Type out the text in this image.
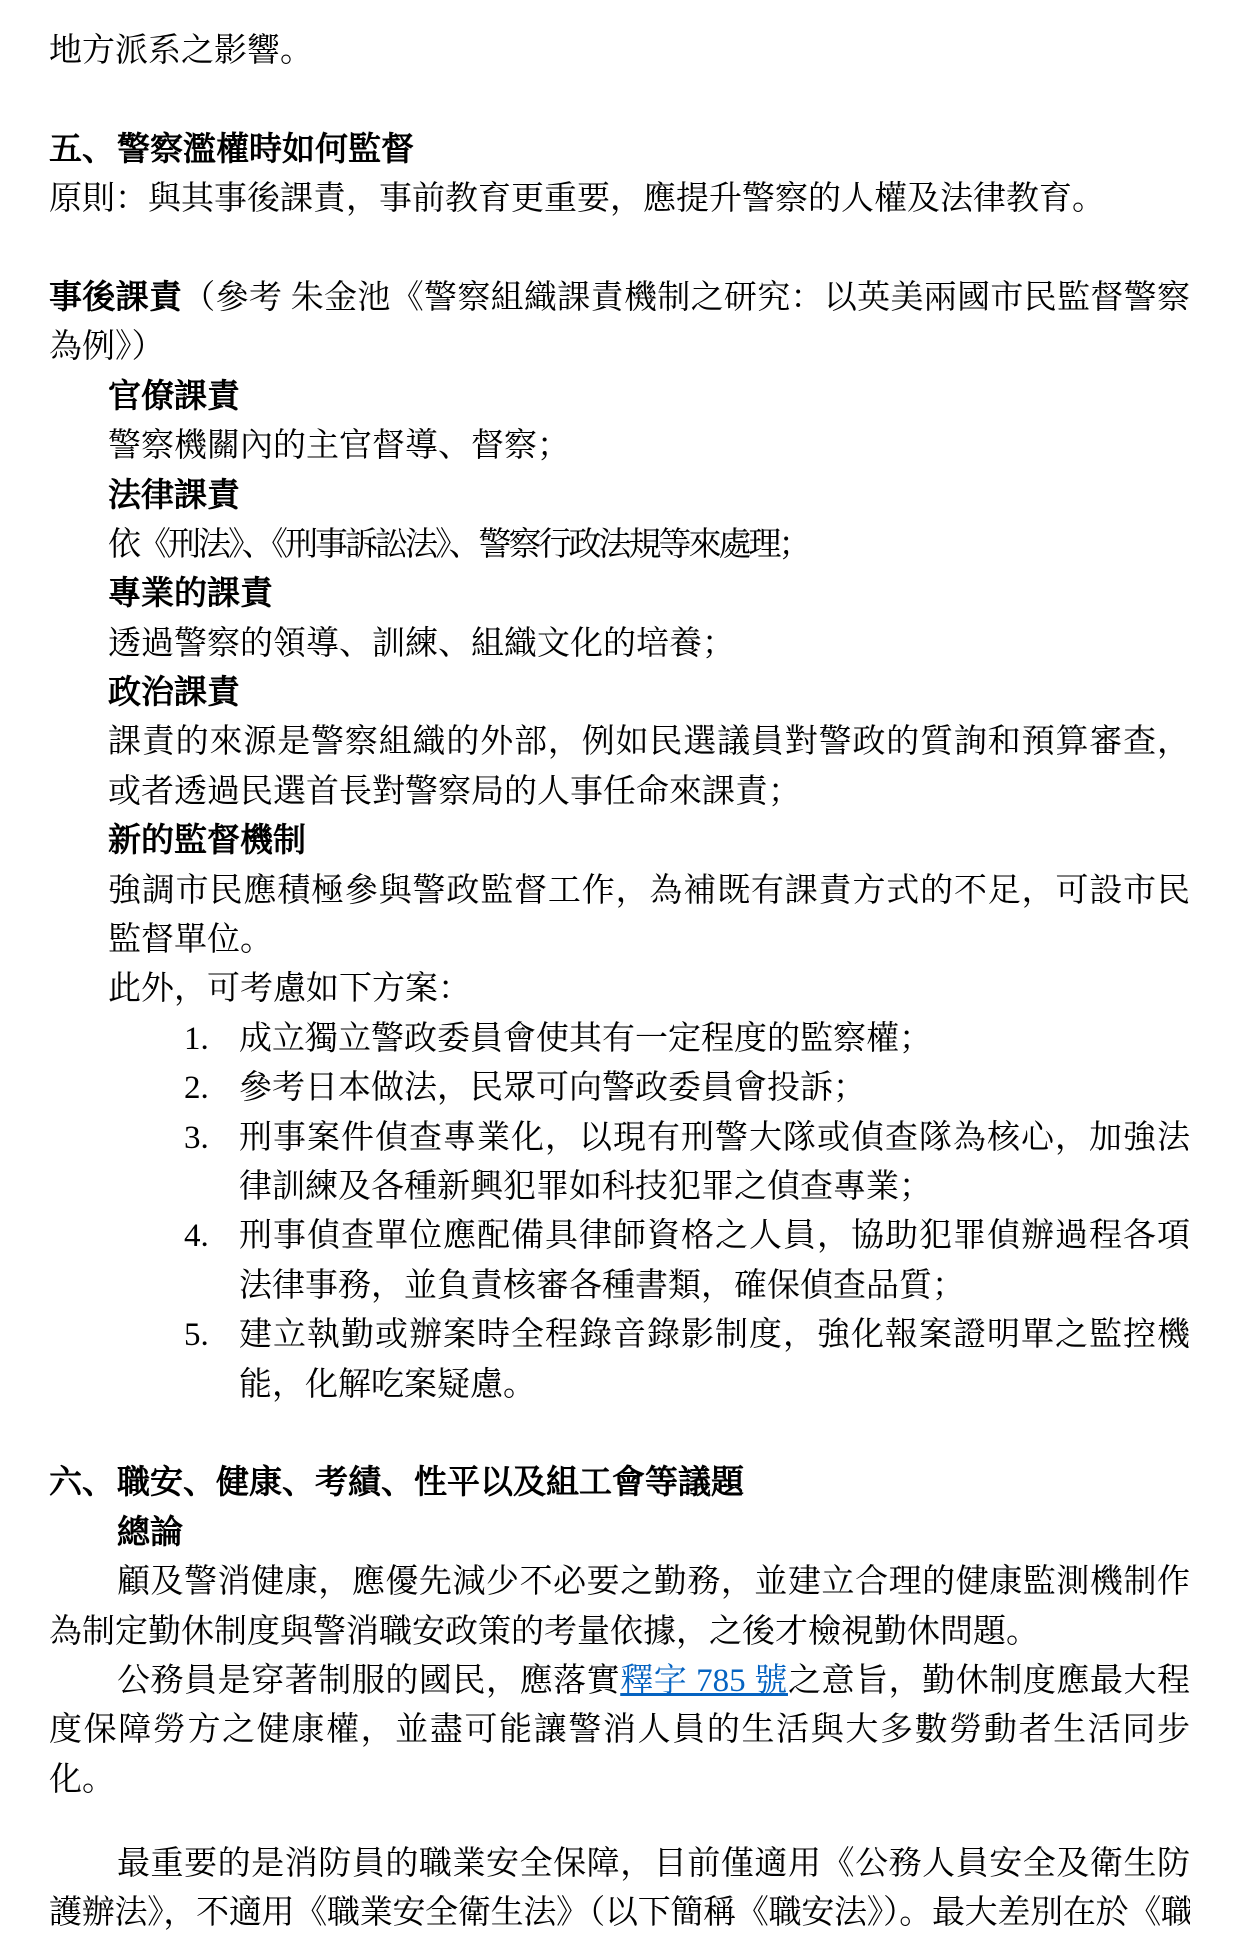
地方派系之影響。
五、警察濫權時如何監督
原則：與其事後課責，事前教育更重要，應提升警察的人權及法律教育。
事後課責（參考 朱金池《警察組織課責機制之研究：以英美兩國市民監督警察
為例》）
官僚課責
警察機關內的主官督導、督察；
法律課責
依《刑法》、《刑事訴訟法》、警察行政法規等來處理；
專業的課責
透過警察的領導、訓練、組織文化的培養；
政治課責
課責的來源是警察組織的外部，例如民選議員對警政的質詢和預算審查，
或者透過民選首長對警察局的人事任命來課責；
新的監督機制
強調市民應積極參與警政監督工作，為補既有課責方式的不足，可設市民
監督單位。
此外，可考慮如下方案：
1. 成立獨立警政委員會使其有一定程度的監察權；
2. 參考日本做法，民眾可向警政委員會投訴；
3. 刑事案件偵查專業化，以現有刑警大隊或偵查隊為核心，加強法
律訓練及各種新興犯罪如科技犯罪之偵查專業；
4. 刑事偵查單位應配備具律師資格之人員，協助犯罪偵辦過程各項
法律事務，並負責核審各種書類，確保偵查品質；
5. 建立執勤或辦案時全程錄音錄影制度，強化報案證明單之監控機
能，化解吃案疑慮。
六、職安、健康、考績、性平以及組工會等議題
總論
顧及警消健康，應優先減少不必要之勤務，並建立合理的健康監測機制作
為制定勤休制度與警消職安政策的考量依據，之後才檢視勤休問題。
公務員是穿著制服的國民，應落實釋字 785 號之意旨，勤休制度應最大程
度保障勞方之健康權，並盡可能讓警消人員的生活與大多數勞動者生活同步
化。
最重要的是消防員的職業安全保障，目前僅適用《公務人員安全及衛生防
護辦法》，不適用《職業安全衛生法》（以下簡稱《職安法》）。最大差別在於《職
